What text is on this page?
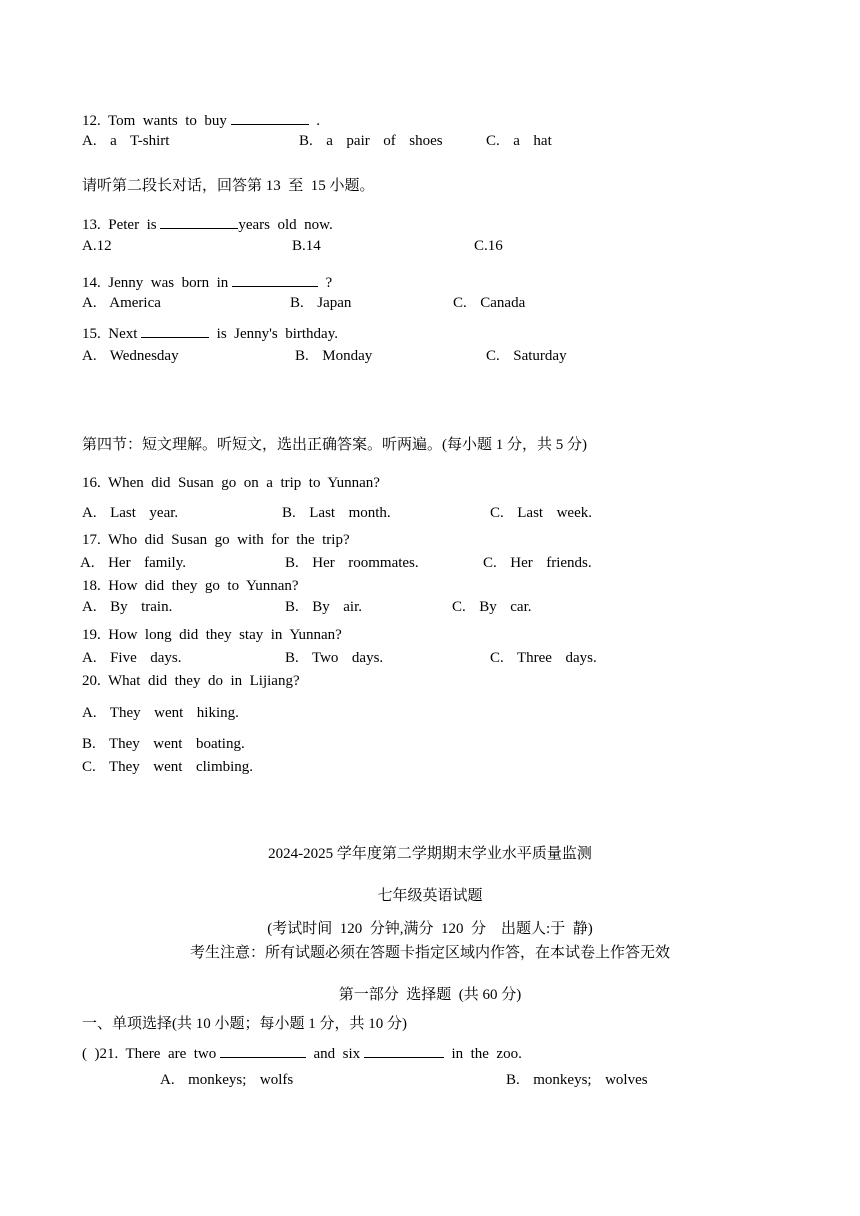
12.  Tom  wants  to  buy	.
A.  a  T-shirt	B.  a  pair  of  shoes	C.  a  hat
请听第二段长对话，回答第 13  至  15 小题。
13.  Peter  is	years  old  now.
A.12	B.14	C.16
14.  Jenny  was  born  in	?
A.  America	B.  Japan	C.  Canada
15.  Next	is  Jenny's  birthday.
A.  Wednesday	B.  Monday	C.  Saturday
第四节：短文理解。听短文，选出正确答案。听两遍。(每小题 1 分，共 5 分)
16.  When  did  Susan  go  on  a  trip  to  Yunnan?
A.  Last  year.	B.  Last  month.	C.  Last  week.
17.  Who  did  Susan  go  with  for  the  trip?
A.  Her  family.	B.  Her  roommates.	C.  Her  friends.
18.  How  did  they  go  to  Yunnan?
A.  By  train.	B.  By  air.	C.  By  car.
19.  How  long  did  they  stay  in  Yunnan?
A.  Five  days.	B.  Two  days.	C.  Three  days.
20.  What  did  they  do  in  Lijiang?
A.  They  went  hiking.
B.  They  went  boating.
C.  They  went  climbing.
2024-2025 学年度第二学期期末学业水平质量监测
七年级英语试题
(考试时间  120  分钟,满分  120  分    出题人:于  静)
考生注意：所有试题必须在答题卡指定区域内作答，在本试卷上作答无效
第一部分  选择题  (共 60 分)
一、单项选择(共 10 小题；每小题 1 分，共 10 分)
(  )21.  There  are  two	and  six	in  the  zoo.
A.  monkeys;  wolfs	B.  monkeys;  wolves
